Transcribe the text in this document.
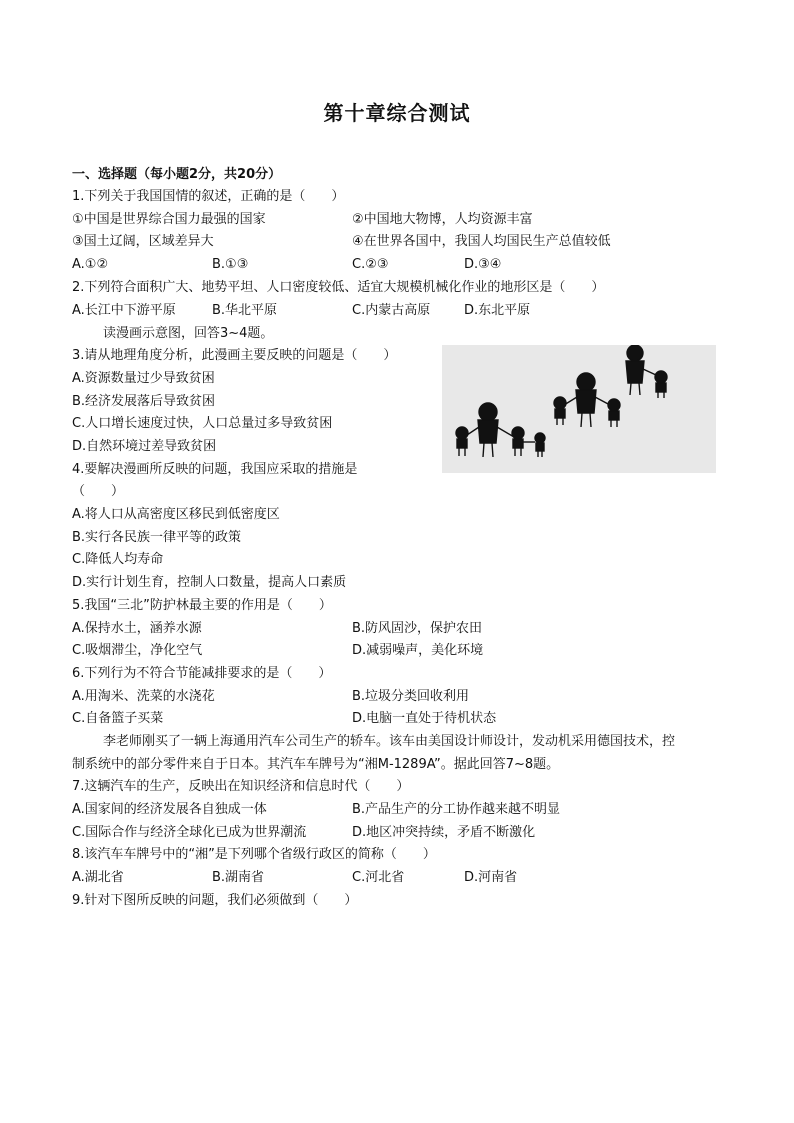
第十章综合测试
一、选择题（每小题2分，共20分）
1.下列关于我国国情的叙述，正确的是（　　）
①中国是世界综合国力最强的国家	②中国地大物博，人均资源丰富
③国土辽阔，区域差异大	④在世界各国中，我国人均国民生产总值较低
A.①②	B.①③	C.②③	D.③④
2.下列符合面积广大、地势平坦、人口密度较低、适宜大规模机械化作业的地形区是（　　）
A.长江中下游平原	B.华北平原	C.内蒙古高原	D.东北平原
读漫画示意图，回答3~4题。
3.请从地理角度分析，此漫画主要反映的问题是（　　）
A.资源数量过少导致贫困
B.经济发展落后导致贫困
C.人口增长速度过快，人口总量过多导致贫困
D.自然环境过差导致贫困
4.要解决漫画所反映的问题，我国应采取的措施是
（　　）
A.将人口从高密度区移民到低密度区
B.实行各民族一律平等的政策
C.降低人均寿命
D.实行计划生育，控制人口数量，提高人口素质
5.我国“三北”防护林最主要的作用是（　　）
A.保持水土，涵养水源	B.防风固沙，保护农田
C.吸烟滞尘，净化空气	D.减弱噪声，美化环境
6.下列行为不符合节能减排要求的是（　　）
A.用淘米、洗菜的水浇花	B.垃圾分类回收利用
C.自备篮子买菜	D.电脑一直处于待机状态
李老师刚买了一辆上海通用汽车公司生产的轿车。该车由美国设计师设计，发动机采用德国技术，控
制系统中的部分零件来自于日本。其汽车车牌号为“湘M-1289A”。据此回答7~8题。
7.这辆汽车的生产，反映出在知识经济和信息时代（　　）
A.国家间的经济发展各自独成一体	B.产品生产的分工协作越来越不明显
C.国际合作与经济全球化已成为世界潮流	D.地区冲突持续，矛盾不断激化
8.该汽车车牌号中的“湘”是下列哪个省级行政区的简称（　　）
A.湖北省	B.湖南省	C.河北省	D.河南省
9.针对下图所反映的问题，我们必须做到（　　）
